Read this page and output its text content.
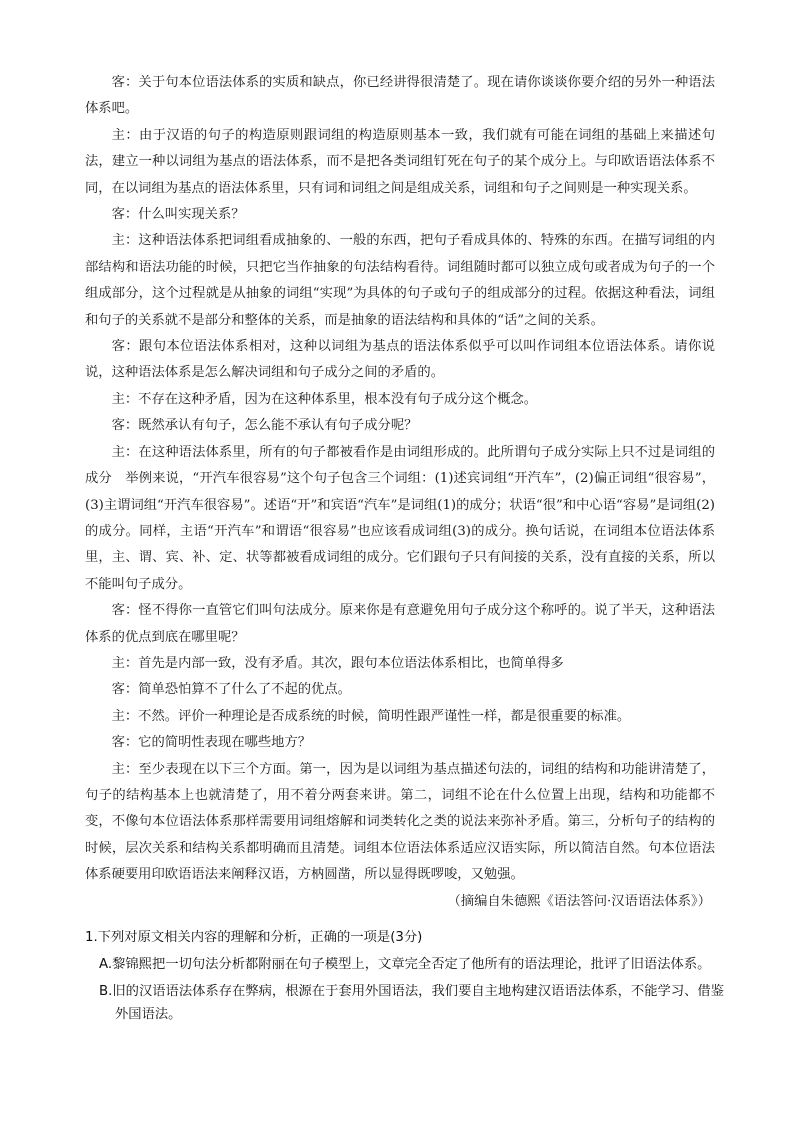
客：关于句本位语法体系的实质和缺点，你已经讲得很清楚了。现在请你谈谈你要介绍的另外一种语法体系吧。

主：由于汉语的句子的构造原则跟词组的构造原则基本一致，我们就有可能在词组的基础上来描述句法，建立一种以词组为基点的语法体系，而不是把各类词组钉死在句子的某个成分上。与印欧语语法体系不同，在以词组为基点的语法体系里，只有词和词组之间是组成关系，词组和句子之间则是一种实现关系。

客：什么叫实现关系？

主：这种语法体系把词组看成抽象的、一般的东西，把句子看成具体的、特殊的东西。在描写词组的内部结构和语法功能的时候，只把它当作抽象的句法结构看待。词组随时都可以独立成句或者成为句子的一个组成部分，这个过程就是从抽象的词组“实现”为具体的句子或句子的组成部分的过程。依据这种看法，词组和句子的关系就不是部分和整体的关系，而是抽象的语法结构和具体的“话”之间的关系。

客：跟句本位语法体系相对，这种以词组为基点的语法体系似乎可以叫作词组本位语法体系。请你说说，这种语法体系是怎么解决词组和句子成分之间的矛盾的。

主：不存在这种矛盾，因为在这种体系里，根本没有句子成分这个概念。

客：既然承认有句子，怎么能不承认有句子成分呢？

主：在这种语法体系里，所有的句子都被看作是由词组形成的。此所谓句子成分实际上只不过是词组的成分　举例来说，“开汽车很容易”这个句子包含三个词组：(1)述宾词组“开汽车”，(2)偏正词组“很容易”，(3)主谓词组“开汽车很容易”。述语“开”和宾语“汽车”是词组(1)的成分；状语“很”和中心语“容易”是词组(2)的成分。同样，主语“开汽车”和谓语“很容易”也应该看成词组(3)的成分。换句话说，在词组本位语法体系里，主、谓、宾、补、定、状等都被看成词组的成分。它们跟句子只有间接的关系，没有直接的关系，所以不能叫句子成分。

客：怪不得你一直管它们叫句法成分。原来你是有意避免用句子成分这个称呼的。说了半天，这种语法体系的优点到底在哪里呢？

主：首先是内部一致，没有矛盾。其次，跟句本位语法体系相比，也简单得多

客：简单恐怕算不了什么了不起的优点。

主：不然。评价一种理论是否成系统的时候，简明性跟严谨性一样，都是很重要的标准。

客：它的简明性表现在哪些地方？

主：至少表现在以下三个方面。第一，因为是以词组为基点描述句法的，词组的结构和功能讲清楚了，句子的结构基本上也就清楚了，用不着分两套来讲。第二，词组不论在什么位置上出现，结构和功能都不变，不像句本位语法体系那样需要用词组熔解和词类转化之类的说法来弥补矛盾。第三，分析句子的结构的时候，层次关系和结构关系都明确而且清楚。词组本位语法体系适应汉语实际，所以简洁自然。句本位语法体系硬要用印欧语语法来阐释汉语，方枘圆凿，所以显得既啰唆，又勉强。

（摘编自朱德熙《语法答问·汉语语法体系》）

1.下列对原文相关内容的理解和分析，正确的一项是(3分)

A.黎锦熙把一切句法分析都附丽在句子模型上，文章完全否定了他所有的语法理论，批评了旧语法体系。

B.旧的汉语语法体系存在弊病，根源在于套用外国语法，我们要自主地构建汉语语法体系，不能学习、借鉴外国语法。
